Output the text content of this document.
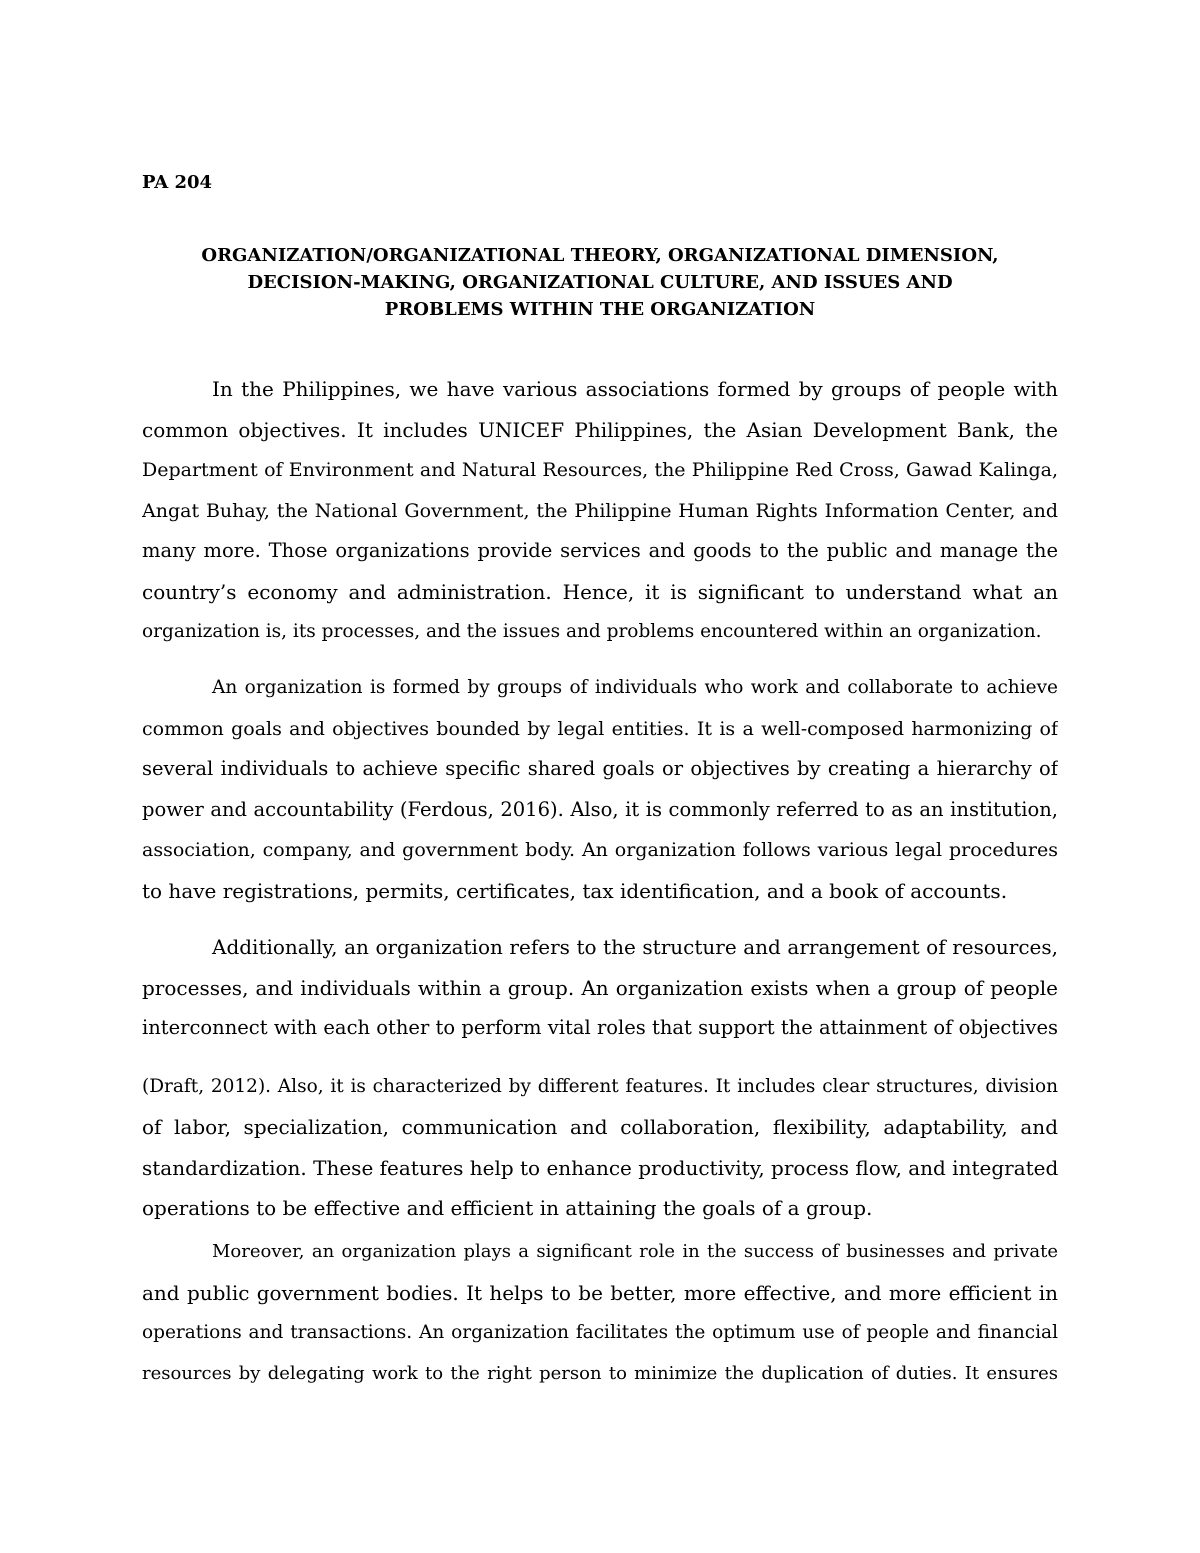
PA 204

ORGANIZATION/ORGANIZATIONAL THEORY, ORGANIZATIONAL DIMENSION,
DECISION-MAKING, ORGANIZATIONAL CULTURE, AND ISSUES AND
PROBLEMS WITHIN THE ORGANIZATION
In the Philippines, we have various associations formed by groups of people with
common objectives. It includes UNICEF Philippines, the Asian Development Bank, the
Department of Environment and Natural Resources, the Philippine Red Cross, Gawad Kalinga,
Angat Buhay, the National Government, the Philippine Human Rights Information Center, and
many more. Those organizations provide services and goods to the public and manage the
country’s economy and administration. Hence, it is significant to understand what an
organization is, its processes, and the issues and problems encountered within an organization.
An organization is formed by groups of individuals who work and collaborate to achieve
common goals and objectives bounded by legal entities. It is a well-composed harmonizing of
several individuals to achieve specific shared goals or objectives by creating a hierarchy of
power and accountability (Ferdous, 2016). Also, it is commonly referred to as an institution,
association, company, and government body. An organization follows various legal procedures
to have registrations, permits, certificates, tax identification, and a book of accounts.
Additionally, an organization refers to the structure and arrangement of resources,
processes, and individuals within a group. An organization exists when a group of people
interconnect with each other to perform vital roles that support the attainment of objectives
(Draft, 2012). Also, it is characterized by different features. It includes clear structures, division
of labor, specialization, communication and collaboration, flexibility, adaptability, and
standardization. These features help to enhance productivity, process flow, and integrated
operations to be effective and efficient in attaining the goals of a group.
Moreover, an organization plays a significant role in the success of businesses and private
and public government bodies. It helps to be better, more effective, and more efficient in
operations and transactions. An organization facilitates the optimum use of people and financial
resources by delegating work to the right person to minimize the duplication of duties. It ensures
